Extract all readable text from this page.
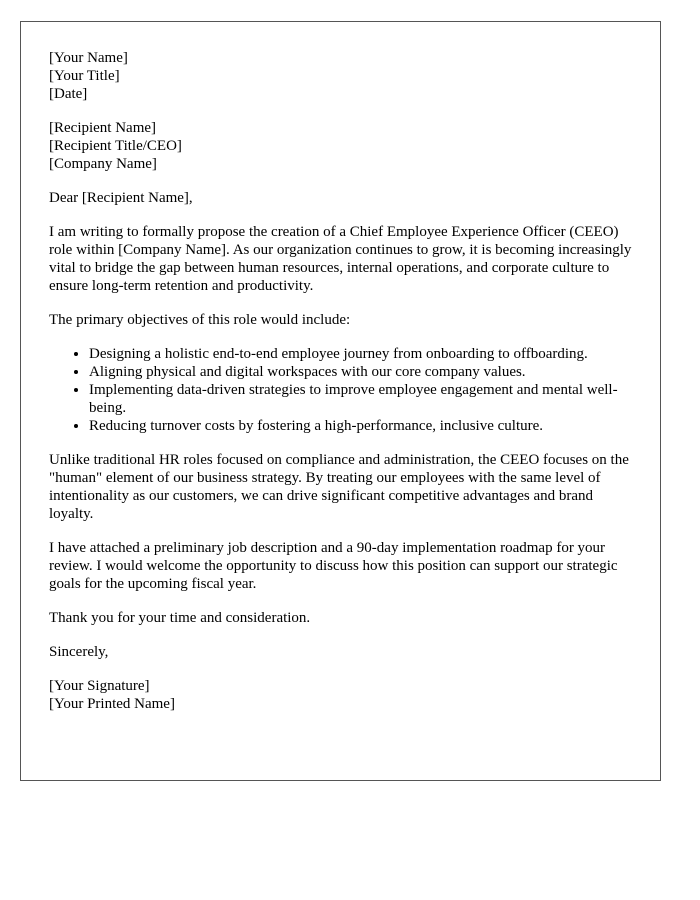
[Your Name]
[Your Title]
[Date]
[Recipient Name]
[Recipient Title/CEO]
[Company Name]

Dear [Recipient Name],

I am writing to formally propose the creation of a Chief Employee Experience Officer (CEEO) role within [Company Name]. As our organization continues to grow, it is becoming increasingly vital to bridge the gap between human resources, internal operations, and corporate culture to ensure long-term retention and productivity.

The primary objectives of this role would include:

• Designing a holistic end-to-end employee journey from onboarding to offboarding.
• Aligning physical and digital workspaces with our core company values.
• Implementing data-driven strategies to improve employee engagement and mental well-being.
• Reducing turnover costs by fostering a high-performance, inclusive culture.

Unlike traditional HR roles focused on compliance and administration, the CEEO focuses on the "human" element of our business strategy. By treating our employees with the same level of intentionality as our customers, we can drive significant competitive advantages and brand loyalty.

I have attached a preliminary job description and a 90-day implementation roadmap for your review. I would welcome the opportunity to discuss how this position can support our strategic goals for the upcoming fiscal year.

Thank you for your time and consideration.

Sincerely,

[Your Signature]
[Your Printed Name]
